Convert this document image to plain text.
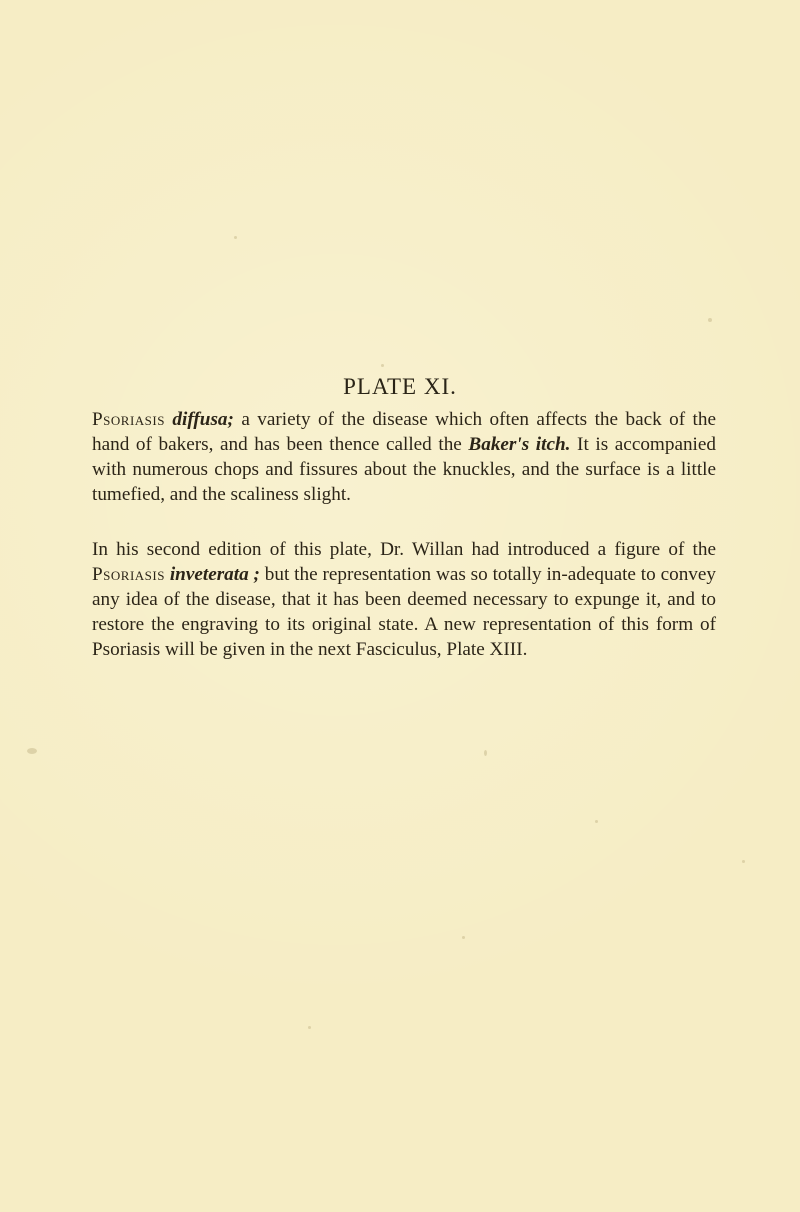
PLATE XI.

Psoriasis diffusa; a variety of the disease which often affects the back of the hand of bakers, and has been thence called the Baker's itch. It is accompanied with numerous chops and fissures about the knuckles, and the surface is a little tumefied, and the scaliness slight.

In his second edition of this plate, Dr. Willan had introduced a figure of the Psoriasis inveterata ; but the representation was so totally in-adequate to convey any idea of the disease, that it has been deemed necessary to expunge it, and to restore the engraving to its original state. A new representation of this form of Psoriasis will be given in the next Fasciculus, Plate XIII.
